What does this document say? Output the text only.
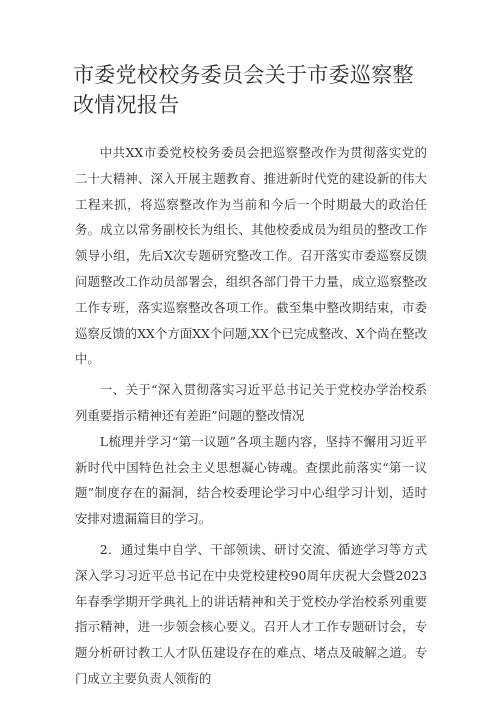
市委党校校务委员会关于市委巡察整改情况报告

中共XX市委党校校务委员会把巡察整改作为贯彻落实党的二十大精神、深入开展主题教育、推进新时代党的建设新的伟大工程来抓，将巡察整改作为当前和今后一个时期最大的政治任务。成立以常务副校长为组长、其他校委成员为组员的整改工作领导小组，先后X次专题研究整改工作。召开落实市委巡察反馈问题整改工作动员部署会，组织各部门骨干力量，成立巡察整改工作专班，落实巡察整改各项工作。截至集中整改期结束，市委巡察反馈的XX个方面XX个问题,XX个已完成整改、X个尚在整改中。

一、关于“深入贯彻落实习近平总书记关于党校办学治校系列重要指示精神还有差距”问题的整改情况

L梳理并学习“第一议题”各项主题内容，坚持不懈用习近平新时代中国特色社会主义思想凝心铸魂。查摆此前落实“第一议题”制度存在的漏洞，结合校委理论学习中心组学习计划，适时安排对遗漏篇目的学习。

2．通过集中自学、干部领读、研讨交流、循迹学习等方式深入学习习近平总书记在中央党校建校90周年庆祝大会暨2023年春季学期开学典礼上的讲话精神和关于党校办学治校系列重要指示精神，进一步领会核心要义。召开人才工作专题研讨会，专题分析研讨教工人才队伍建设存在的难点、堵点及破解之道。专门成立主要负责人领衔的
